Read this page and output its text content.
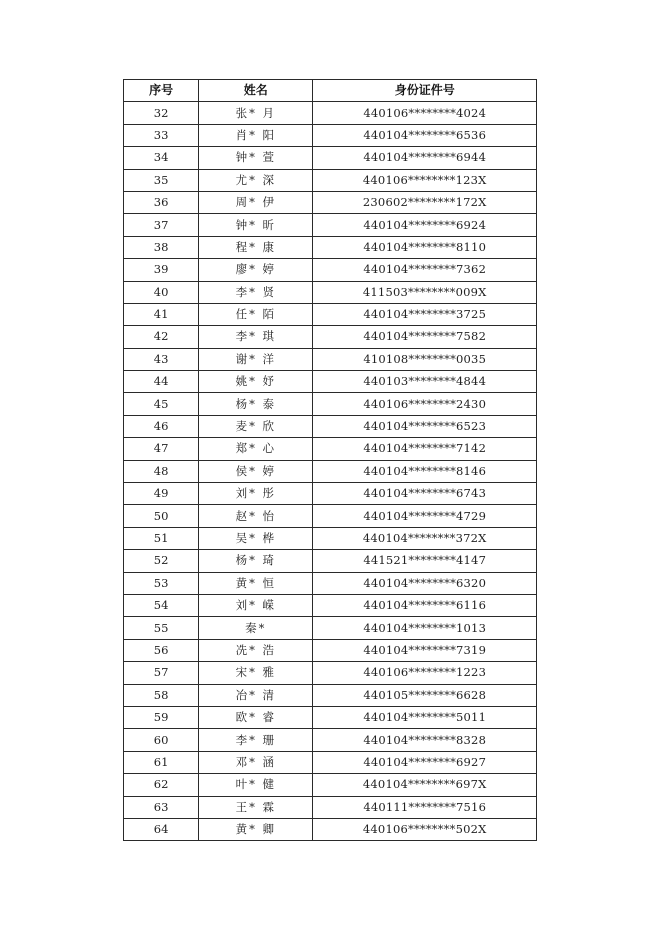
序号	姓名	身份证件号
32	张* 月	440106********4024
33	肖* 阳	440104********6536
34	钟* 萱	440104********6944
35	尤* 深	440106********123X
36	周* 伊	230602********172X
37	钟* 昕	440104********6924
38	程* 康	440104********8110
39	廖* 婷	440104********7362
40	李* 贤	411503********009X
41	任* 陌	440104********3725
42	李* 琪	440104********7582
43	谢* 洋	410108********0035
44	姚* 妤	440103********4844
45	杨* 泰	440106********2430
46	麦* 欣	440104********6523
47	郑* 心	440104********7142
48	侯* 婷	440104********8146
49	刘* 彤	440104********6743
50	赵* 怡	440104********4729
51	吴* 桦	440104********372X
52	杨* 琦	441521********4147
53	黄* 恒	440104********6320
54	刘* 嵘	440104********6116
55	秦*	440104********1013
56	冼* 浩	440104********7319
57	宋* 雅	440106********1223
58	冶* 清	440105********6628
59	欧* 睿	440104********5011
60	李* 珊	440104********8328
61	邓* 涵	440104********6927
62	叶* 健	440104********697X
63	王* 霖	440111********7516
64	黄* 卿	440106********502X
